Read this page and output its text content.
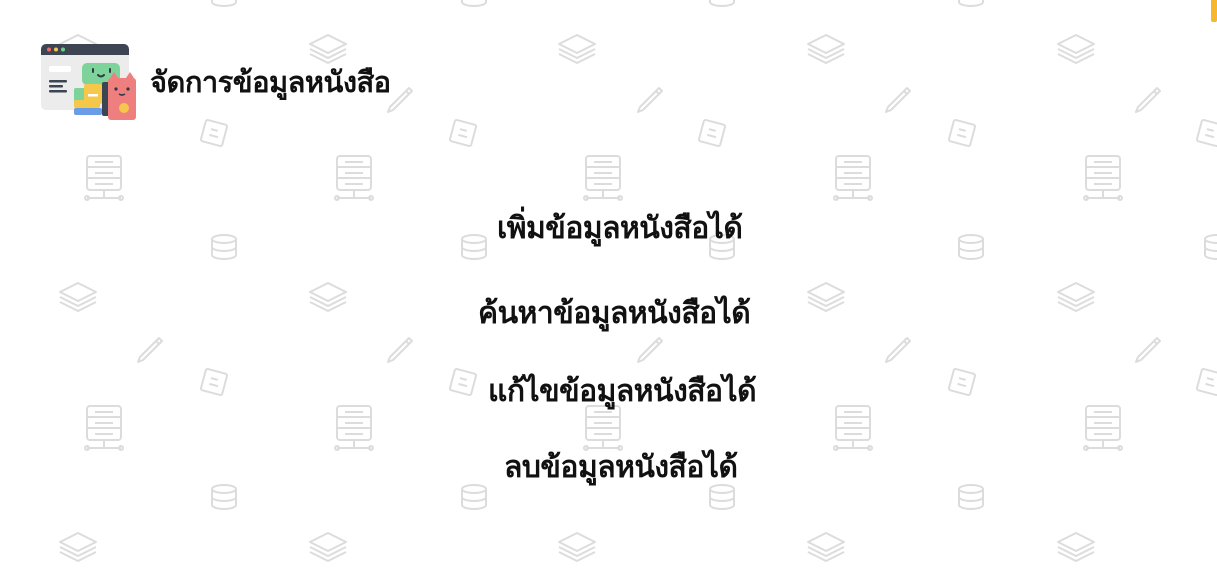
จัดการข้อมูลหนังสือ
เพิ่มข้อมูลหนังสือได้
ค้นหาข้อมูลหนังสือได้
แก้ไขข้อมูลหนังสือได้
ลบข้อมูลหนังสือได้
